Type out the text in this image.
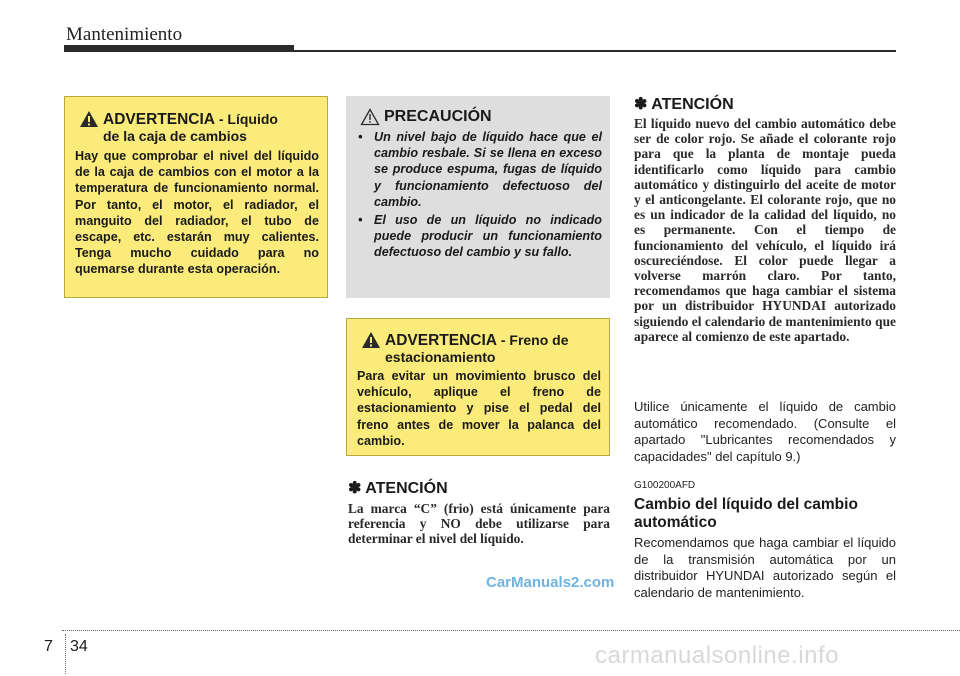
Mantenimiento
ADVERTENCIA - Líquido
de la caja de cambios
Hay que comprobar el nivel del líquido de la caja de cambios con el motor a la temperatura de funcionamiento normal. Por tanto, el motor, el radiador, el manguito del radiador, el tubo de escape, etc. estarán muy calientes. Tenga mucho cuidado para no quemarse durante esta operación.
PRECAUCIÓN
• Un nivel bajo de líquido hace que el cambio resbale. Si se llena en exceso se produce espuma, fugas de líquido y funcionamiento defectuoso del cambio.
• El uso de un líquido no indicado puede producir un funcionamiento defectuoso del cambio y su fallo.
ADVERTENCIA - Freno de
estacionamiento
Para evitar un movimiento brusco del vehículo, aplique el freno de estacionamiento y pise el pedal del freno antes de mover la palanca del cambio.
✽ ATENCIÓN
La marca “C” (frio) está únicamente para referencia y NO debe utilizarse para determinar el nivel del líquido.
✽ ATENCIÓN
El líquido nuevo del cambio automático debe ser de color rojo. Se añade el colorante rojo para que la planta de montaje pueda identificarlo como líquido para cambio automático y distinguirlo del aceite de motor y el anticongelante. El colorante rojo, que no es un indicador de la calidad del líquido, no es permanente. Con el tiempo de funcionamiento del vehículo, el líquido irá oscureciéndose. El color puede llegar a volverse marrón claro. Por tanto, recomendamos que haga cambiar el sistema por un distribuidor HYUNDAI autorizado siguiendo el calendario de mantenimiento que aparece al comienzo de este apartado.
Utilice únicamente el líquido de cambio automático recomendado. (Consulte el apartado "Lubricantes recomendados y capacidades" del capítulo 9.)
G100200AFD
Cambio del líquido del cambio automático
Recomendamos que haga cambiar el líquido de la transmisión automática por un distribuidor HYUNDAI autorizado según el calendario de mantenimiento.
7 34
CarManuals2.com
carmanualsonline.info
